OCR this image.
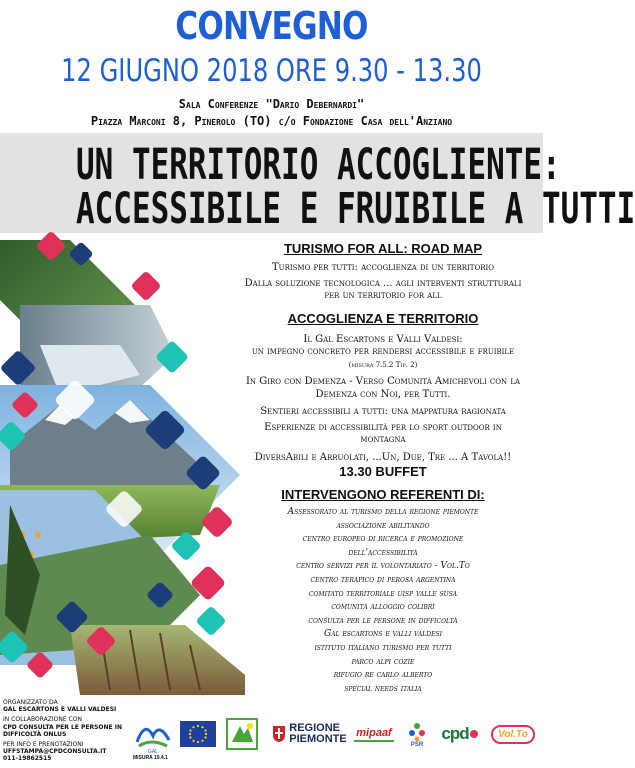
CONVEGNO
12 GIUGNO 2018 ORE 9.30 - 13.30
Sala Conferenze "Dario Debernardi"
Piazza Marconi 8, Pinerolo (TO) c/o Fondazione Casa dell'Anziano
UN TERRITORIO ACCOGLIENTE:
ACCESSIBILE E FRUIBILE A TUTTI
TURISMO FOR ALL: ROAD MAP
Turismo per tutti: accoglienza di un territorio
Dalla soluzione tecnologica ... agli interventi strutturali
per un territorio for all
ACCOGLIENZA E TERRITORIO
Il Gal Escartons e Valli Valdesi:
un impegno concreto per rendersi accessibile e fruibile
(misura 7.5.2 Tip. 2)
In Giro con Demenza - Verso Comunità Amichevoli con la
Demenza con Noi, per Tutti.
Sentieri accessibili a tutti: una mappatura ragionata
Esperienze di accessibilità per lo sport outdoor in
montagna
DiversAbili e Arruolati, ...Un, Due, Tre ... A Tavola!!
13.30 BUFFET
INTERVENGONO REFERENTI DI:
Assessorato al turismo della regione piemonte
associazione abilitando
centro europeo di ricerca e promozione
dell'accessibilità
centro servizi per il volontariato - Vol.To
centro terapico di perosa argentina
comitato territoriale uisp valle susa
comunità alloggio colibrì
consulta per le persone in difficoltà
Gal escartons e valli valdesi
istituto italiano turismo per tutti
parco alpi cozie
rifugio re carlo alberto
special needs italia
ORGANIZZATO DA
GAL ESCARTONS E VALLI VALDESI
IN COLLABORAZIONE CON
CPD CONSULTA PER LE PERSONE IN
DIFFICOLTÀ ONLUS
PER INFO E PRENOTAZIONI
UFFSTAMPA@CPDCONSULTA.IT
011-19862515
GAL
MISURA 19.4.1
REGIONE
PIEMONTE
mipaaf
PSR
cpd	Vol.To
